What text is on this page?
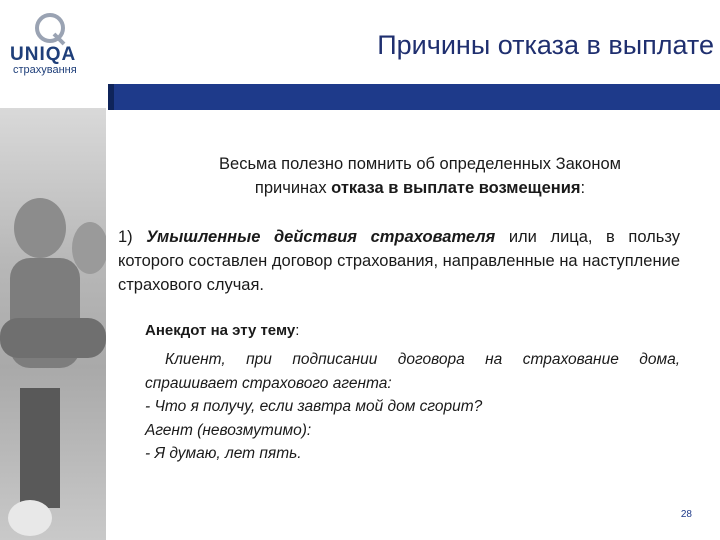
UNIQA
страхування
Причины отказа в выплате
Весьма полезно помнить об определенных Законом
причинах отказа в выплате возмещения:
1) Умышленные действия страхователя или лица, в пользу которого составлен договор страхования, направленные на наступление страхового случая.
Анекдот на эту тему:
Клиент, при подписании договора на страхование дома, спрашивает страхового агента:
- Что я получу, если завтра мой дом сгорит?
Агент (невозмутимо):
- Я думаю, лет пять.
28
